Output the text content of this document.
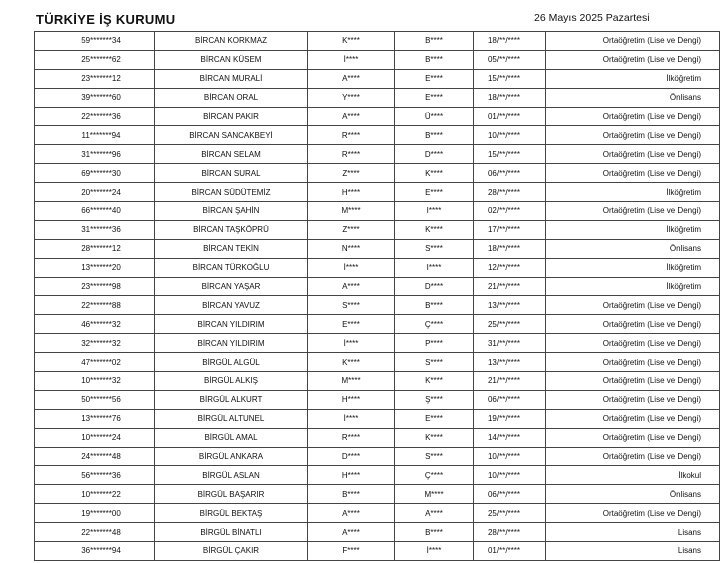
TÜRKİYE İŞ KURUMU	26 Mayıs 2025 Pazartesi
59*******34	BİRCAN KORKMAZ	K****	B****	18/**/****	Ortaöğretim (Lise ve Dengi)
25*******62	BİRCAN KÜSEM	İ****	B****	05/**/****	Ortaöğretim (Lise ve Dengi)
23*******12	BİRCAN MURALİ	A****	E****	15/**/****	İlköğretim
39*******60	BİRCAN ORAL	Y****	E****	18/**/****	Önlisans
22*******36	BİRCAN PAKIR	A****	Ü****	01/**/****	Ortaöğretim (Lise ve Dengi)
11*******94	BİRCAN SANCAKBEYİ	R****	B****	10/**/****	Ortaöğretim (Lise ve Dengi)
31*******96	BİRCAN SELAM	R****	D****	15/**/****	Ortaöğretim (Lise ve Dengi)
69*******30	BİRCAN SURAL	Z****	K****	06/**/****	Ortaöğretim (Lise ve Dengi)
20*******24	BİRCAN SÜDÜTEMİZ	H****	E****	28/**/****	İlköğretim
66*******40	BİRCAN ŞAHİN	M****	I****	02/**/****	Ortaöğretim (Lise ve Dengi)
31*******36	BİRCAN TAŞKÖPRÜ	Z****	K****	17/**/****	İlköğretim
28*******12	BİRCAN TEKİN	N****	S****	18/**/****	Önlisans
13*******20	BİRCAN TÜRKOĞLU	İ****	I****	12/**/****	İlköğretim
23*******98	BİRCAN YAŞAR	A****	D****	21/**/****	İlköğretim
22*******88	BİRCAN YAVUZ	S****	B****	13/**/****	Ortaöğretim (Lise ve Dengi)
46*******32	BİRCAN YILDIRIM	E****	Ç****	25/**/****	Ortaöğretim (Lise ve Dengi)
32*******32	BİRCAN YILDIRIM	İ****	P****	31/**/****	Ortaöğretim (Lise ve Dengi)
47*******02	BİRGÜL ALGÜL	K****	S****	13/**/****	Ortaöğretim (Lise ve Dengi)
10*******32	BİRGÜL ALKIŞ	M****	K****	21/**/****	Ortaöğretim (Lise ve Dengi)
50*******56	BİRGÜL ALKURT	H****	Ş****	06/**/****	Ortaöğretim (Lise ve Dengi)
13*******76	BİRGÜL ALTUNEL	İ****	E****	19/**/****	Ortaöğretim (Lise ve Dengi)
10*******24	BİRGÜL AMAL	R****	K****	14/**/****	Ortaöğretim (Lise ve Dengi)
24*******48	BİRGÜL ANKARA	D****	S****	10/**/****	Ortaöğretim (Lise ve Dengi)
56*******36	BİRGÜL ASLAN	H****	Ç****	10/**/****	İlkokul
10*******22	BİRGÜL BAŞARIR	B****	M****	06/**/****	Önlisans
19*******00	BİRGÜL BEKTAŞ	A****	A****	25/**/****	Ortaöğretim (Lise ve Dengi)
22*******48	BİRGÜL BİNATLI	A****	B****	28/**/****	Lisans
36*******94	BİRGÜL ÇAKIR	F****	İ****	01/**/****	Lisans
